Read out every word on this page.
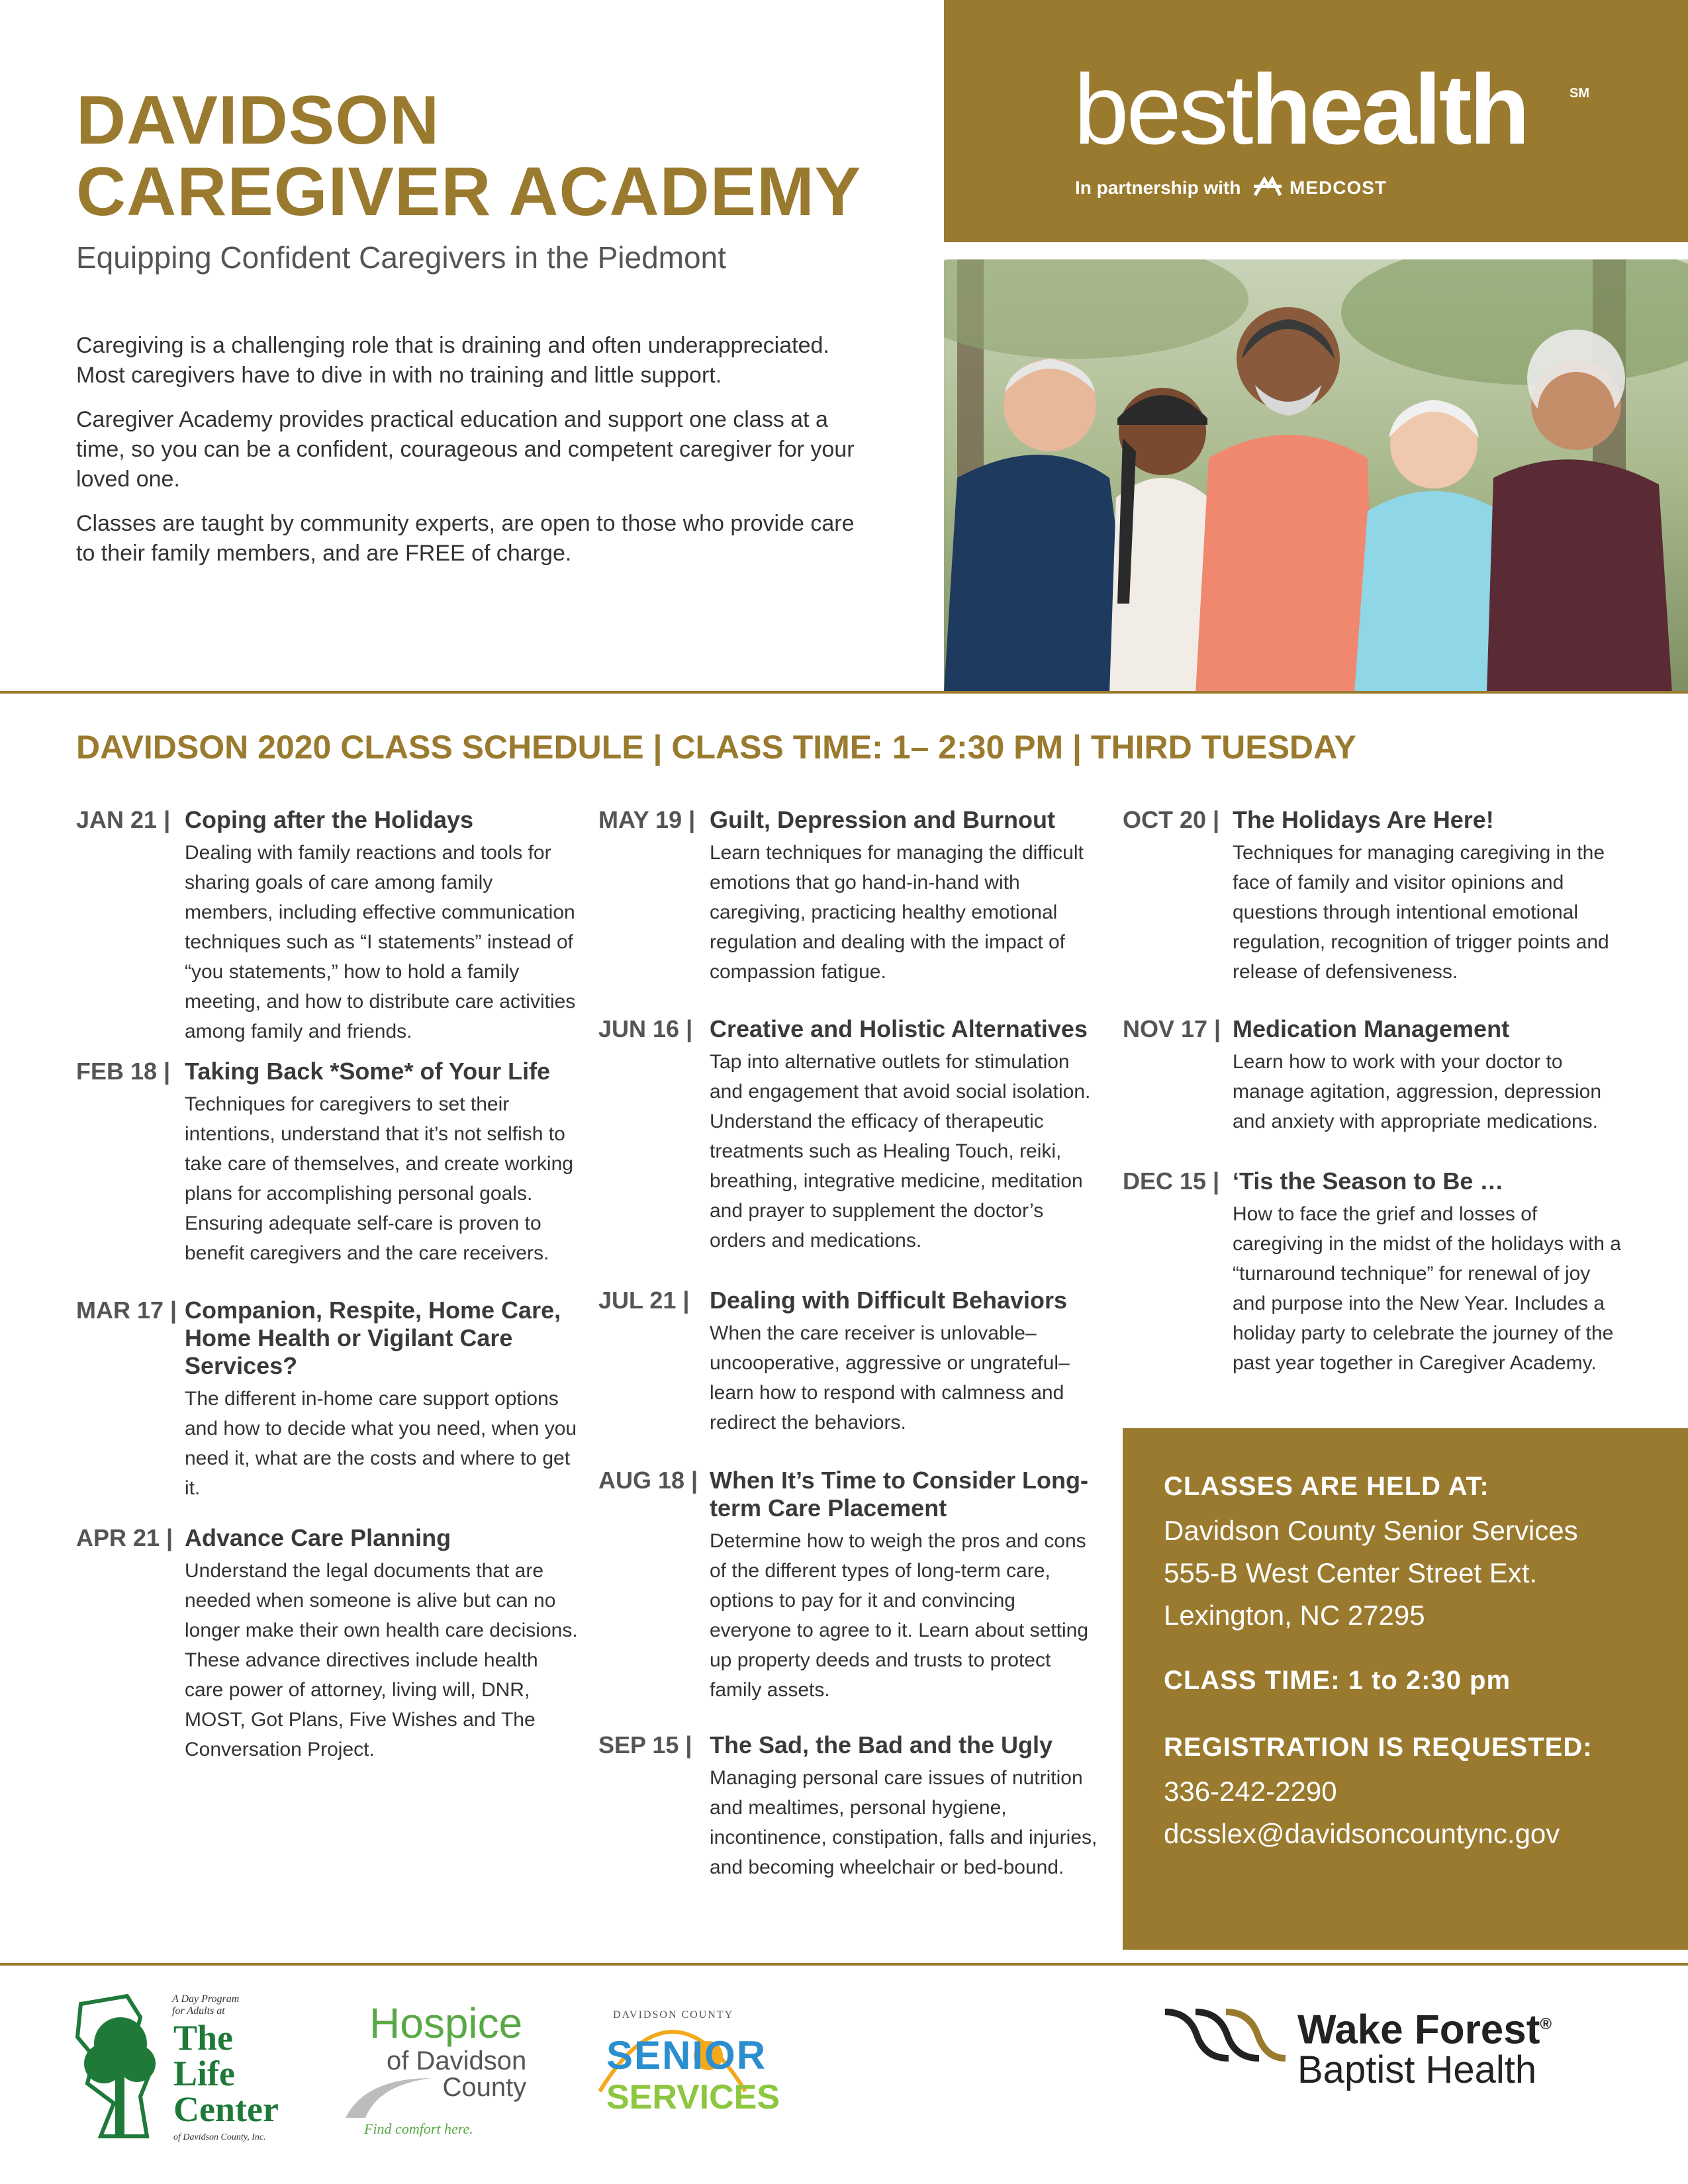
DAVIDSON
CAREGIVER ACADEMY
Equipping Confident Caregivers in the Piedmont

Caregiving is a challenging role that is draining and often underappreciated. Most caregivers have to dive in with no training and little support.

Caregiver Academy provides practical education and support one class at a time, so you can be a confident, courageous and competent caregiver for your loved one.

Classes are taught by community experts, are open to those who provide care to their family members, and are FREE of charge.

besthealth	SM
In partnership with	MEDCOST
DAVIDSON 2020 CLASS SCHEDULE | CLASS TIME: 1– 2:30 PM | THIRD TUESDAY
JAN 21 | Coping after the Holidays
Dealing with family reactions and tools for sharing goals of care among family members, including effective communication techniques such as “I statements” instead of “you statements,” how to hold a family meeting, and how to distribute care activities among family and friends.
FEB 18 | Taking Back *Some* of Your Life
Techniques for caregivers to set their intentions, understand that it’s not selfish to take care of themselves, and create working plans for accomplishing personal goals. Ensuring adequate self-care is proven to benefit caregivers and the care receivers.
MAR 17 | Companion, Respite, Home Care, Home Health or Vigilant Care Services?
The different in-home care support options and how to decide what you need, when you need it, what are the costs and where to get it.
APR 21 | Advance Care Planning
Understand the legal documents that are needed when someone is alive but can no longer make their own health care decisions. These advance directives include health care power of attorney, living will, DNR, MOST, Got Plans, Five Wishes and The Conversation Project.
MAY 19 | Guilt, Depression and Burnout
Learn techniques for managing the difficult emotions that go hand-in-hand with caregiving, practicing healthy emotional regulation and dealing with the impact of compassion fatigue.
JUN 16 | Creative and Holistic Alternatives
Tap into alternative outlets for stimulation and engagement that avoid social isolation. Understand the efficacy of therapeutic treatments such as Healing Touch, reiki, breathing, integrative medicine, meditation and prayer to supplement the doctor’s orders and medications.
JUL 21 | Dealing with Difficult Behaviors
When the care receiver is unlovable–uncooperative, aggressive or ungrateful–learn how to respond with calmness and redirect the behaviors.
AUG 18 | When It’s Time to Consider Long-term Care Placement
Determine how to weigh the pros and cons of the different types of long-term care, options to pay for it and convincing everyone to agree to it. Learn about setting up property deeds and trusts to protect family assets.
SEP 15 | The Sad, the Bad and the Ugly
Managing personal care issues of nutrition and mealtimes, personal hygiene, incontinence, constipation, falls and injuries, and becoming wheelchair or bed-bound.
OCT 20 | The Holidays Are Here!
Techniques for managing caregiving in the face of family and visitor opinions and questions through intentional emotional regulation, recognition of trigger points and release of defensiveness.
NOV 17 | Medication Management
Learn how to work with your doctor to manage agitation, aggression, depression and anxiety with appropriate medications.
DEC 15 | ‘Tis the Season to Be …
How to face the grief and losses of caregiving in the midst of the holidays with a “turnaround technique” for renewal of joy and purpose into the New Year. Includes a holiday party to celebrate the journey of the past year together in Caregiver Academy.
CLASSES ARE HELD AT:
Davidson County Senior Services
555-B West Center Street Ext.
Lexington, NC 27295
CLASS TIME: 1 to 2:30 pm
REGISTRATION IS REQUESTED:
336-242-2290
dcsslex@davidsoncountync.gov
A Day Program
for Adults at
The
Life
Center
of Davidson County, Inc.
Hospice
of Davidson
County
Find comfort here.
DAVIDSON COUNTY
SENIOR
SERVICES
Wake Forest®
Baptist Health
